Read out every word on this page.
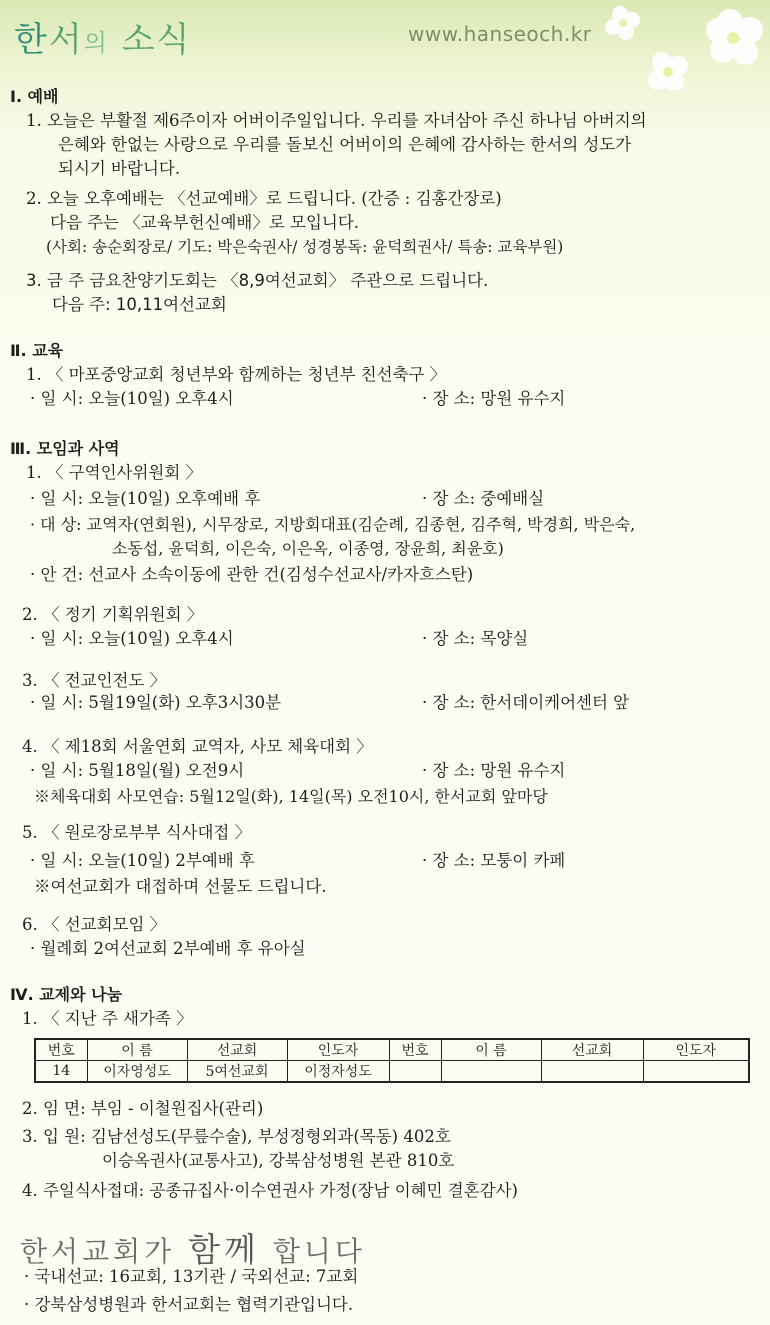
한서의 소식	www.hanseoch.kr
Ⅰ. 예배
1. 오늘은 부활절 제6주이자 어버이주일입니다. 우리를 자녀삼아 주신 하나님 아버지의
은혜와 한없는 사랑으로 우리를 돌보신 어버이의 은혜에 감사하는 한서의 성도가
되시기 바랍니다.
2. 오늘 오후예배는 〈선교예배〉로 드립니다. (간증 : 김홍간장로)
다음 주는 〈교육부헌신예배〉로 모입니다.
(사회: 송순회장로/ 기도: 박은숙권사/ 성경봉독: 윤덕희권사/ 특송: 교육부원)
3. 금 주 금요찬양기도회는 〈8,9여선교회〉 주관으로 드립니다.
다음 주: 10,11여선교회
Ⅱ. 교육
1. 〈 마포중앙교회 청년부와 함께하는 청년부 친선축구 〉
· 일 시: 오늘(10일) 오후4시	· 장 소: 망원 유수지
Ⅲ. 모임과 사역
1. 〈 구역인사위원회 〉
· 일 시: 오늘(10일) 오후예배 후	· 장 소: 중예배실
· 대 상: 교역자(연회원), 시무장로, 지방회대표(김순례, 김종현, 김주혁, 박경희, 박은숙,
소동섭, 윤덕희, 이은숙, 이은옥, 이종영, 장윤희, 최윤호)
· 안 건: 선교사 소속이동에 관한 건(김성수선교사/카자흐스탄)
2. 〈 정기 기획위원회 〉
· 일 시: 오늘(10일) 오후4시	· 장 소: 목양실
3. 〈 전교인전도 〉
· 일 시: 5월19일(화) 오후3시30분	· 장 소: 한서데이케어센터 앞
4. 〈 제18회 서울연회 교역자, 사모 체육대회 〉
· 일 시: 5월18일(월) 오전9시	· 장 소: 망원 유수지
※체육대회 사모연습: 5월12일(화), 14일(목) 오전10시, 한서교회 앞마당
5. 〈 원로장로부부 식사대접 〉
· 일 시: 오늘(10일) 2부예배 후	· 장 소: 모퉁이 카페
※여선교회가 대접하며 선물도 드립니다.
6. 〈 선교회모임 〉
· 월례회 2여선교회 2부예배 후 유아실
Ⅳ. 교제와 나눔
1. 〈 지난 주 새가족 〉
번호	이 름	선교회	인도자	번호	이 름	선교회	인도자
14	이자영성도	5여선교회	이정자성도				
2. 임 면: 부임 - 이철원집사(관리)
3. 입 원: 김남선성도(무릎수술), 부성정형외과(목동) 402호
이승옥권사(교통사고), 강북삼성병원 본관 810호
4. 주일식사접대: 공종규집사·이수연권사 가정(장남 이혜민 결혼감사)
한서교회가 함께 합니다
· 국내선교: 16교회, 13기관 / 국외선교: 7교회
· 강북삼성병원과 한서교회는 협력기관입니다.
